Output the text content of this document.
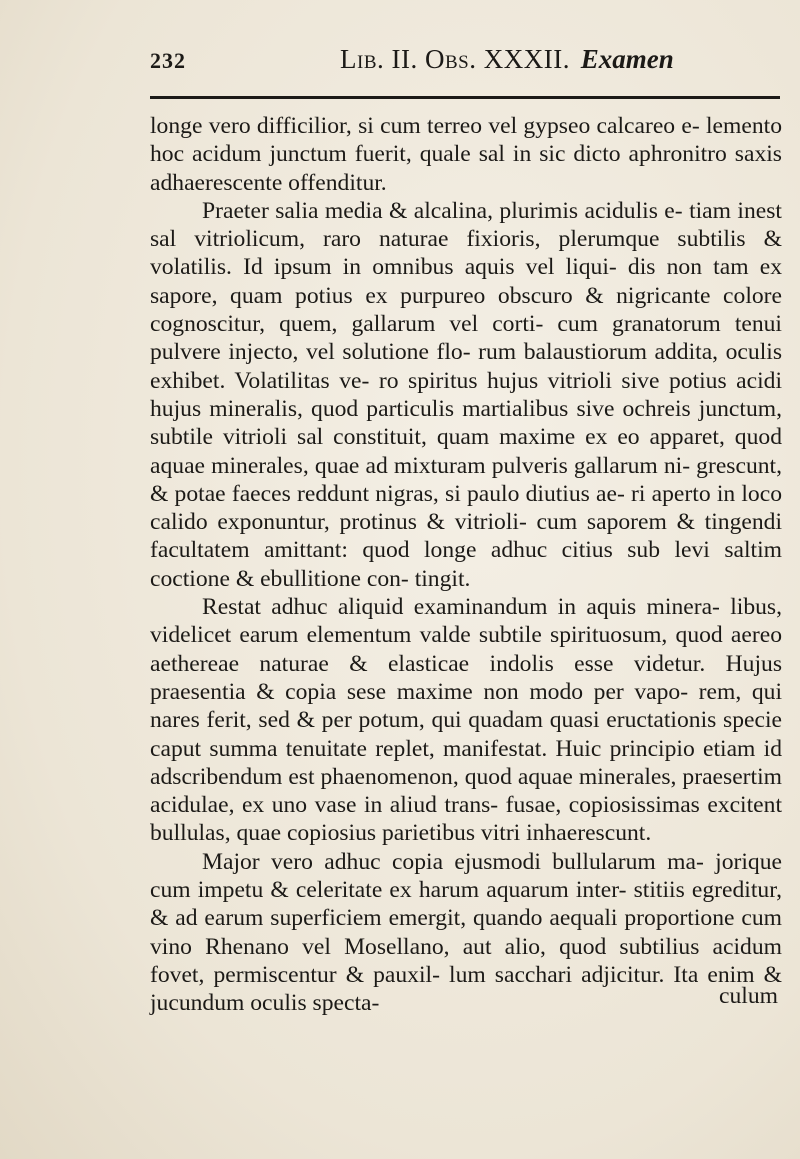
232	Lib. II. Obs. XXXII. Examen

longe vero difficilior, si cum terreo vel gypseo calcareo e- lemento hoc acidum junctum fuerit, quale sal in sic dicto aphronitro saxis adhaerescente offenditur.

Praeter salia media & alcalina, plurimis acidulis e- tiam inest sal vitriolicum, raro naturae fixioris, plerumque subtilis & volatilis. Id ipsum in omnibus aquis vel liqui- dis non tam ex sapore, quam potius ex purpureo obscuro & nigricante colore cognoscitur, quem, gallarum vel corti- cum granatorum tenui pulvere injecto, vel solutione flo- rum balaustiorum addita, oculis exhibet. Volatilitas ve- ro spiritus hujus vitrioli sive potius acidi hujus mineralis, quod particulis martialibus sive ochreis junctum, subtile vitrioli sal constituit, quam maxime ex eo apparet, quod aquae minerales, quae ad mixturam pulveris gallarum ni- grescunt, & potae faeces reddunt nigras, si paulo diutius ae- ri aperto in loco calido exponuntur, protinus & vitrioli- cum saporem & tingendi facultatem amittant: quod longe adhuc citius sub levi saltim coctione & ebullitione con- tingit.

Restat adhuc aliquid examinandum in aquis minera- libus, videlicet earum elementum valde subtile spirituosum, quod aereo aethereae naturae & elasticae indolis esse videtur. Hujus praesentia & copia sese maxime non modo per vapo- rem, qui nares ferit, sed & per potum, qui quadam quasi eructationis specie caput summa tenuitate replet, manifestat. Huic principio etiam id adscribendum est phaenomenon, quod aquae minerales, praesertim acidulae, ex uno vase in aliud trans- fusae, copiosissimas excitent bullulas, quae copiosius parietibus vitri inhaerescunt.

Major vero adhuc copia ejusmodi bullularum ma- jorique cum impetu & celeritate ex harum aquarum inter- stitiis egreditur, & ad earum superficiem emergit, quando aequali proportione cum vino Rhenano vel Mosellano, aut alio, quod subtilius acidum fovet, permiscentur & pauxil- lum sacchari adjicitur. Ita enim & jucundum oculis specta-	culum
